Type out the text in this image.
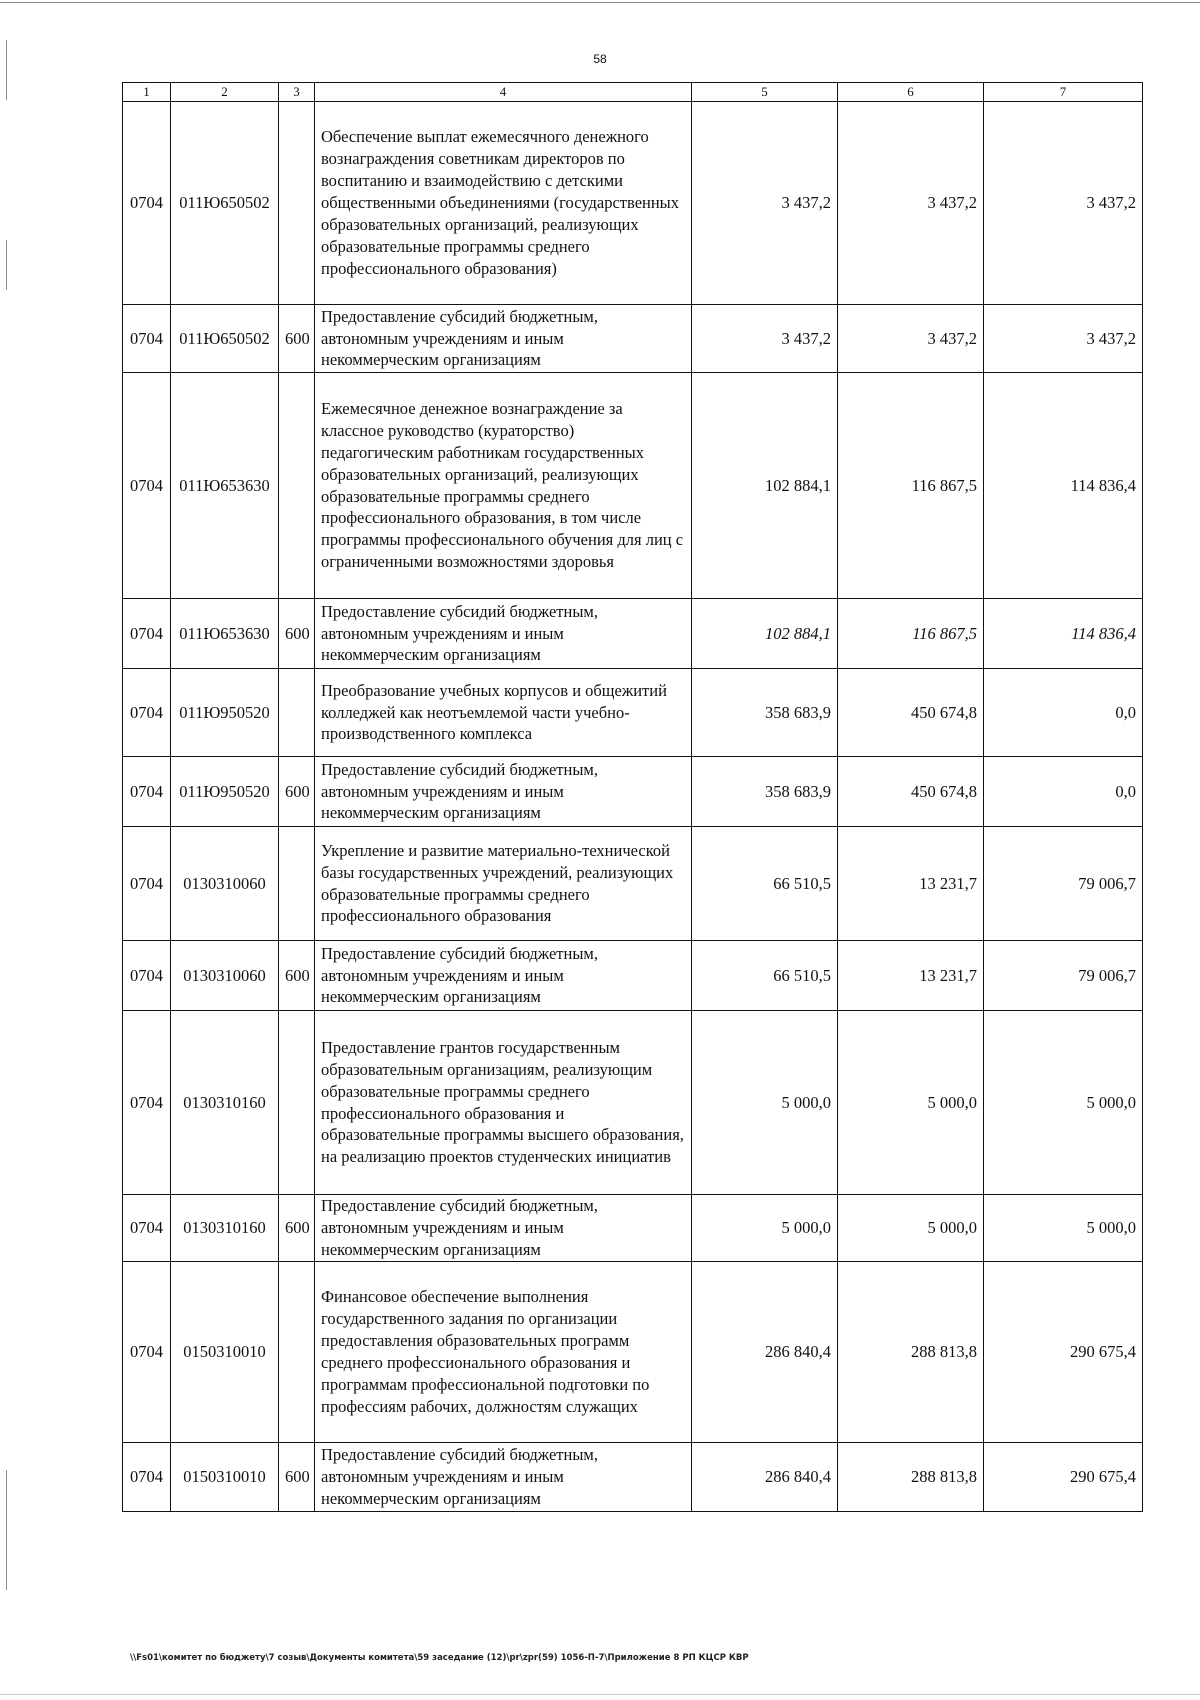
58
1	2	3	4	5	6	7
0704	011Ю650502		Обеспечение выплат ежемесячного денежного вознаграждения советникам директоров по воспитанию и взаимодействию с детскими общественными объединениями (государственных образовательных организаций, реализующих образовательные программы среднего профессионального образования)	3 437,2	3 437,2	3 437,2
0704	011Ю650502	600	Предоставление субсидий бюджетным, автономным учреждениям и иным некоммерческим организациям	3 437,2	3 437,2	3 437,2
0704	011Ю653630		Ежемесячное денежное вознаграждение за классное руководство (кураторство) педагогическим работникам государственных образовательных организаций, реализующих образовательные программы среднего профессионального образования, в том числе программы профессионального обучения для лиц с ограниченными возможностями здоровья	102 884,1	116 867,5	114 836,4
0704	011Ю653630	600	Предоставление субсидий бюджетным, автономным учреждениям и иным некоммерческим организациям	102 884,1	116 867,5	114 836,4
0704	011Ю950520		Преобразование учебных корпусов и общежитий колледжей как неотъемлемой части учебно-производственного комплекса	358 683,9	450 674,8	0,0
0704	011Ю950520	600	Предоставление субсидий бюджетным, автономным учреждениям и иным некоммерческим организациям	358 683,9	450 674,8	0,0
0704	0130310060		Укрепление и развитие материально-технической базы государственных учреждений, реализующих образовательные программы среднего профессионального образования	66 510,5	13 231,7	79 006,7
0704	0130310060	600	Предоставление субсидий бюджетным, автономным учреждениям и иным некоммерческим организациям	66 510,5	13 231,7	79 006,7
0704	0130310160		Предоставление грантов государственным образовательным организациям, реализующим образовательные программы среднего профессионального образования и образовательные программы высшего образования, на реализацию проектов студенческих инициатив	5 000,0	5 000,0	5 000,0
0704	0130310160	600	Предоставление субсидий бюджетным, автономным учреждениям и иным некоммерческим организациям	5 000,0	5 000,0	5 000,0
0704	0150310010		Финансовое обеспечение выполнения государственного задания по организации предоставления образовательных программ среднего профессионального образования и программам профессиональной подготовки по профессиям рабочих, должностям служащих	286 840,4	288 813,8	290 675,4
0704	0150310010	600	Предоставление субсидий бюджетным, автономным учреждениям и иным некоммерческим организациям	286 840,4	288 813,8	290 675,4
\\Fs01\комитет по бюджету\7 созыв\Документы комитета\59 заседание (12)\pr\zpr(59) 1056-П-7\Приложение 8 РП КЦСР КВР
